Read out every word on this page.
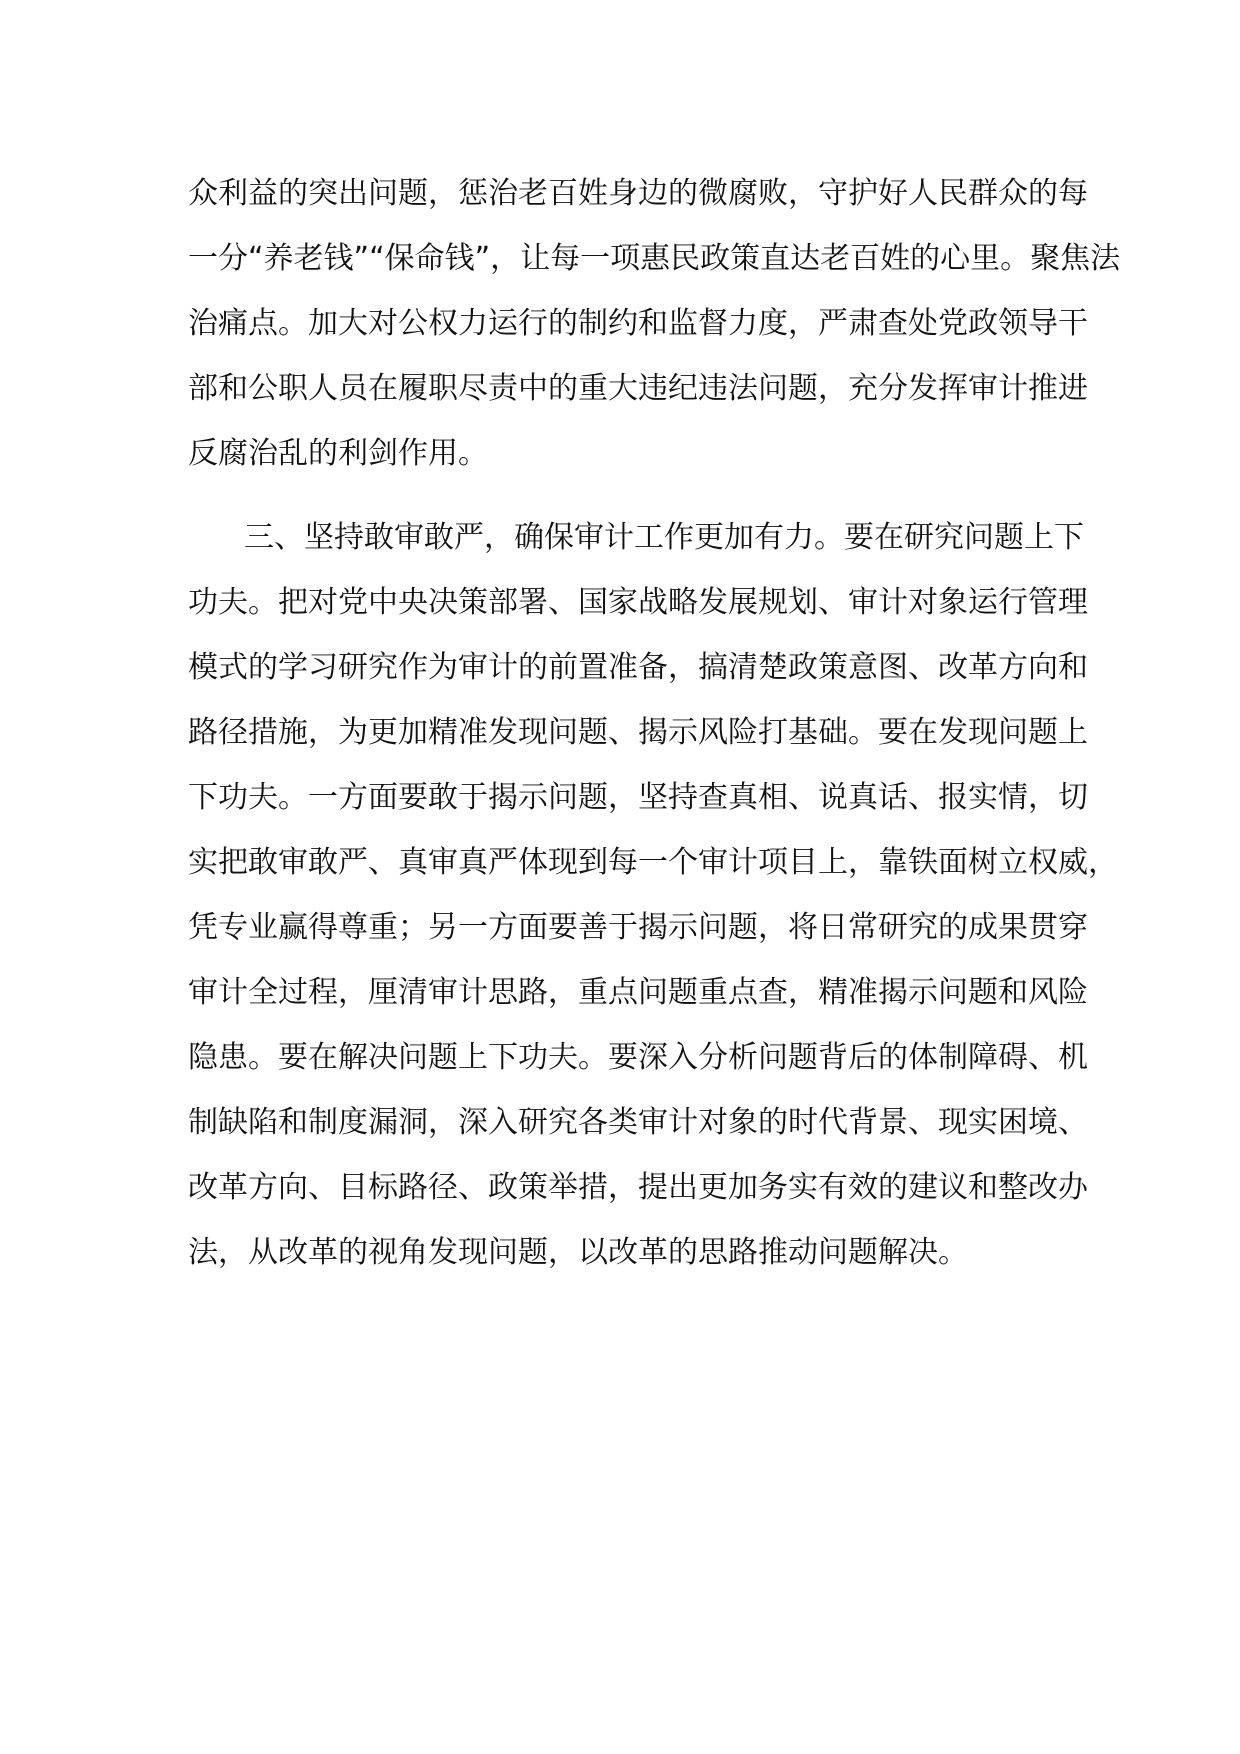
众利益的突出问题，惩治老百姓身边的微腐败，守护好人民群众的每
一分“养老钱”“保命钱”，让每一项惠民政策直达老百姓的心里。聚焦法
治痛点。加大对公权力运行的制约和监督力度，严肃查处党政领导干
部和公职人员在履职尽责中的重大违纪违法问题，充分发挥审计推进
反腐治乱的利剑作用。
三、坚持敢审敢严，确保审计工作更加有力。要在研究问题上下
功夫。把对党中央决策部署、国家战略发展规划、审计对象运行管理
模式的学习研究作为审计的前置准备，搞清楚政策意图、改革方向和
路径措施，为更加精准发现问题、揭示风险打基础。要在发现问题上
下功夫。一方面要敢于揭示问题，坚持查真相、说真话、报实情，切
实把敢审敢严、真审真严体现到每一个审计项目上，靠铁面树立权威，
凭专业赢得尊重；另一方面要善于揭示问题，将日常研究的成果贯穿
审计全过程，厘清审计思路，重点问题重点查，精准揭示问题和风险
隐患。要在解决问题上下功夫。要深入分析问题背后的体制障碍、机
制缺陷和制度漏洞，深入研究各类审计对象的时代背景、现实困境、
改革方向、目标路径、政策举措，提出更加务实有效的建议和整改办
法，从改革的视角发现问题，以改革的思路推动问题解决。
